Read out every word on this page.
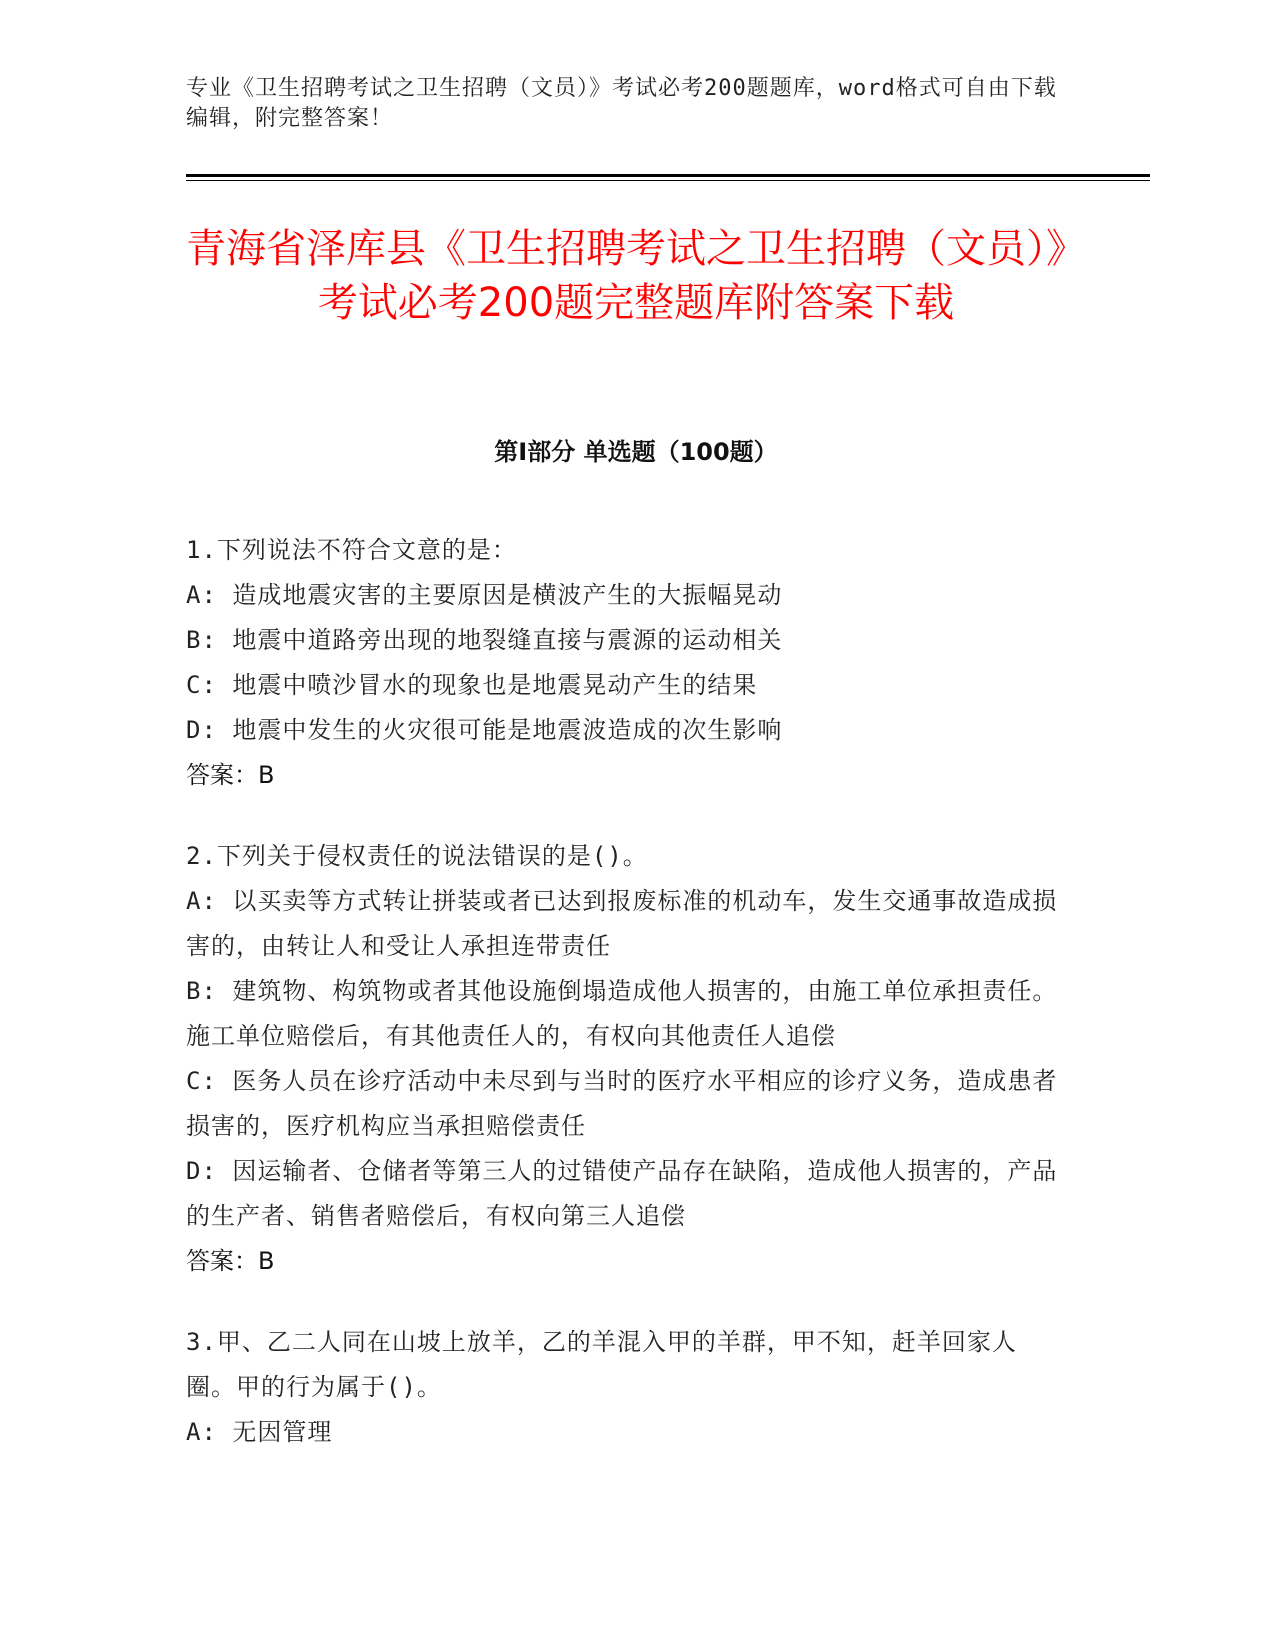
专业《卫生招聘考试之卫生招聘（文员）》考试必考200题题库，word格式可自由下载编辑，附完整答案！
青海省泽库县《卫生招聘考试之卫生招聘（文员）》考试必考200题完整题库附答案下载
第I部分 单选题（100题）
1.下列说法不符合文意的是：
A: 造成地震灾害的主要原因是横波产生的大振幅晃动
B: 地震中道路旁出现的地裂缝直接与震源的运动相关
C: 地震中喷沙冒水的现象也是地震晃动产生的结果
D: 地震中发生的火灾很可能是地震波造成的次生影响
答案：B
2.下列关于侵权责任的说法错误的是()。
A: 以买卖等方式转让拼装或者已达到报废标准的机动车，发生交通事故造成损害的，由转让人和受让人承担连带责任
B: 建筑物、构筑物或者其他设施倒塌造成他人损害的，由施工单位承担责任。施工单位赔偿后，有其他责任人的，有权向其他责任人追偿
C: 医务人员在诊疗活动中未尽到与当时的医疗水平相应的诊疗义务，造成患者损害的，医疗机构应当承担赔偿责任
D: 因运输者、仓储者等第三人的过错使产品存在缺陷，造成他人损害的，产品的生产者、销售者赔偿后，有权向第三人追偿
答案：B
3.甲、乙二人同在山坡上放羊，乙的羊混入甲的羊群，甲不知，赶羊回家人圈。甲的行为属于()。
A: 无因管理
